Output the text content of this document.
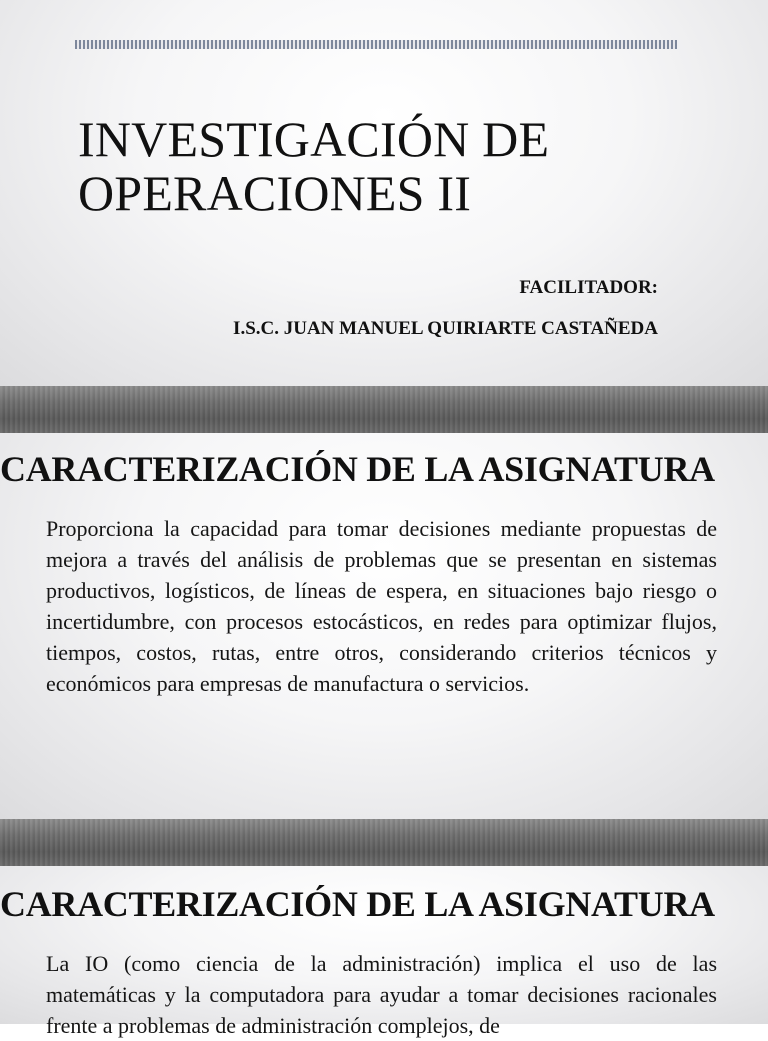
INVESTIGACIÓN DE
OPERACIONES II
FACILITADOR:
I.S.C. JUAN MANUEL QUIRIARTE CASTAÑEDA
CARACTERIZACIÓN DE LA ASIGNATURA

Proporciona la capacidad para tomar decisiones mediante propuestas de mejora a través del análisis de problemas que se presentan en sistemas productivos, logísticos, de líneas de espera, en situaciones bajo riesgo o incertidumbre, con procesos estocásticos, en redes para optimizar flujos, tiempos, costos, rutas, entre otros, considerando criterios técnicos y económicos para empresas de manufactura o servicios.

CARACTERIZACIÓN DE LA ASIGNATURA

La IO (como ciencia de la administración) implica el uso de las matemáticas y la computadora para ayudar a tomar decisiones racionales frente a problemas de administración complejos, de
